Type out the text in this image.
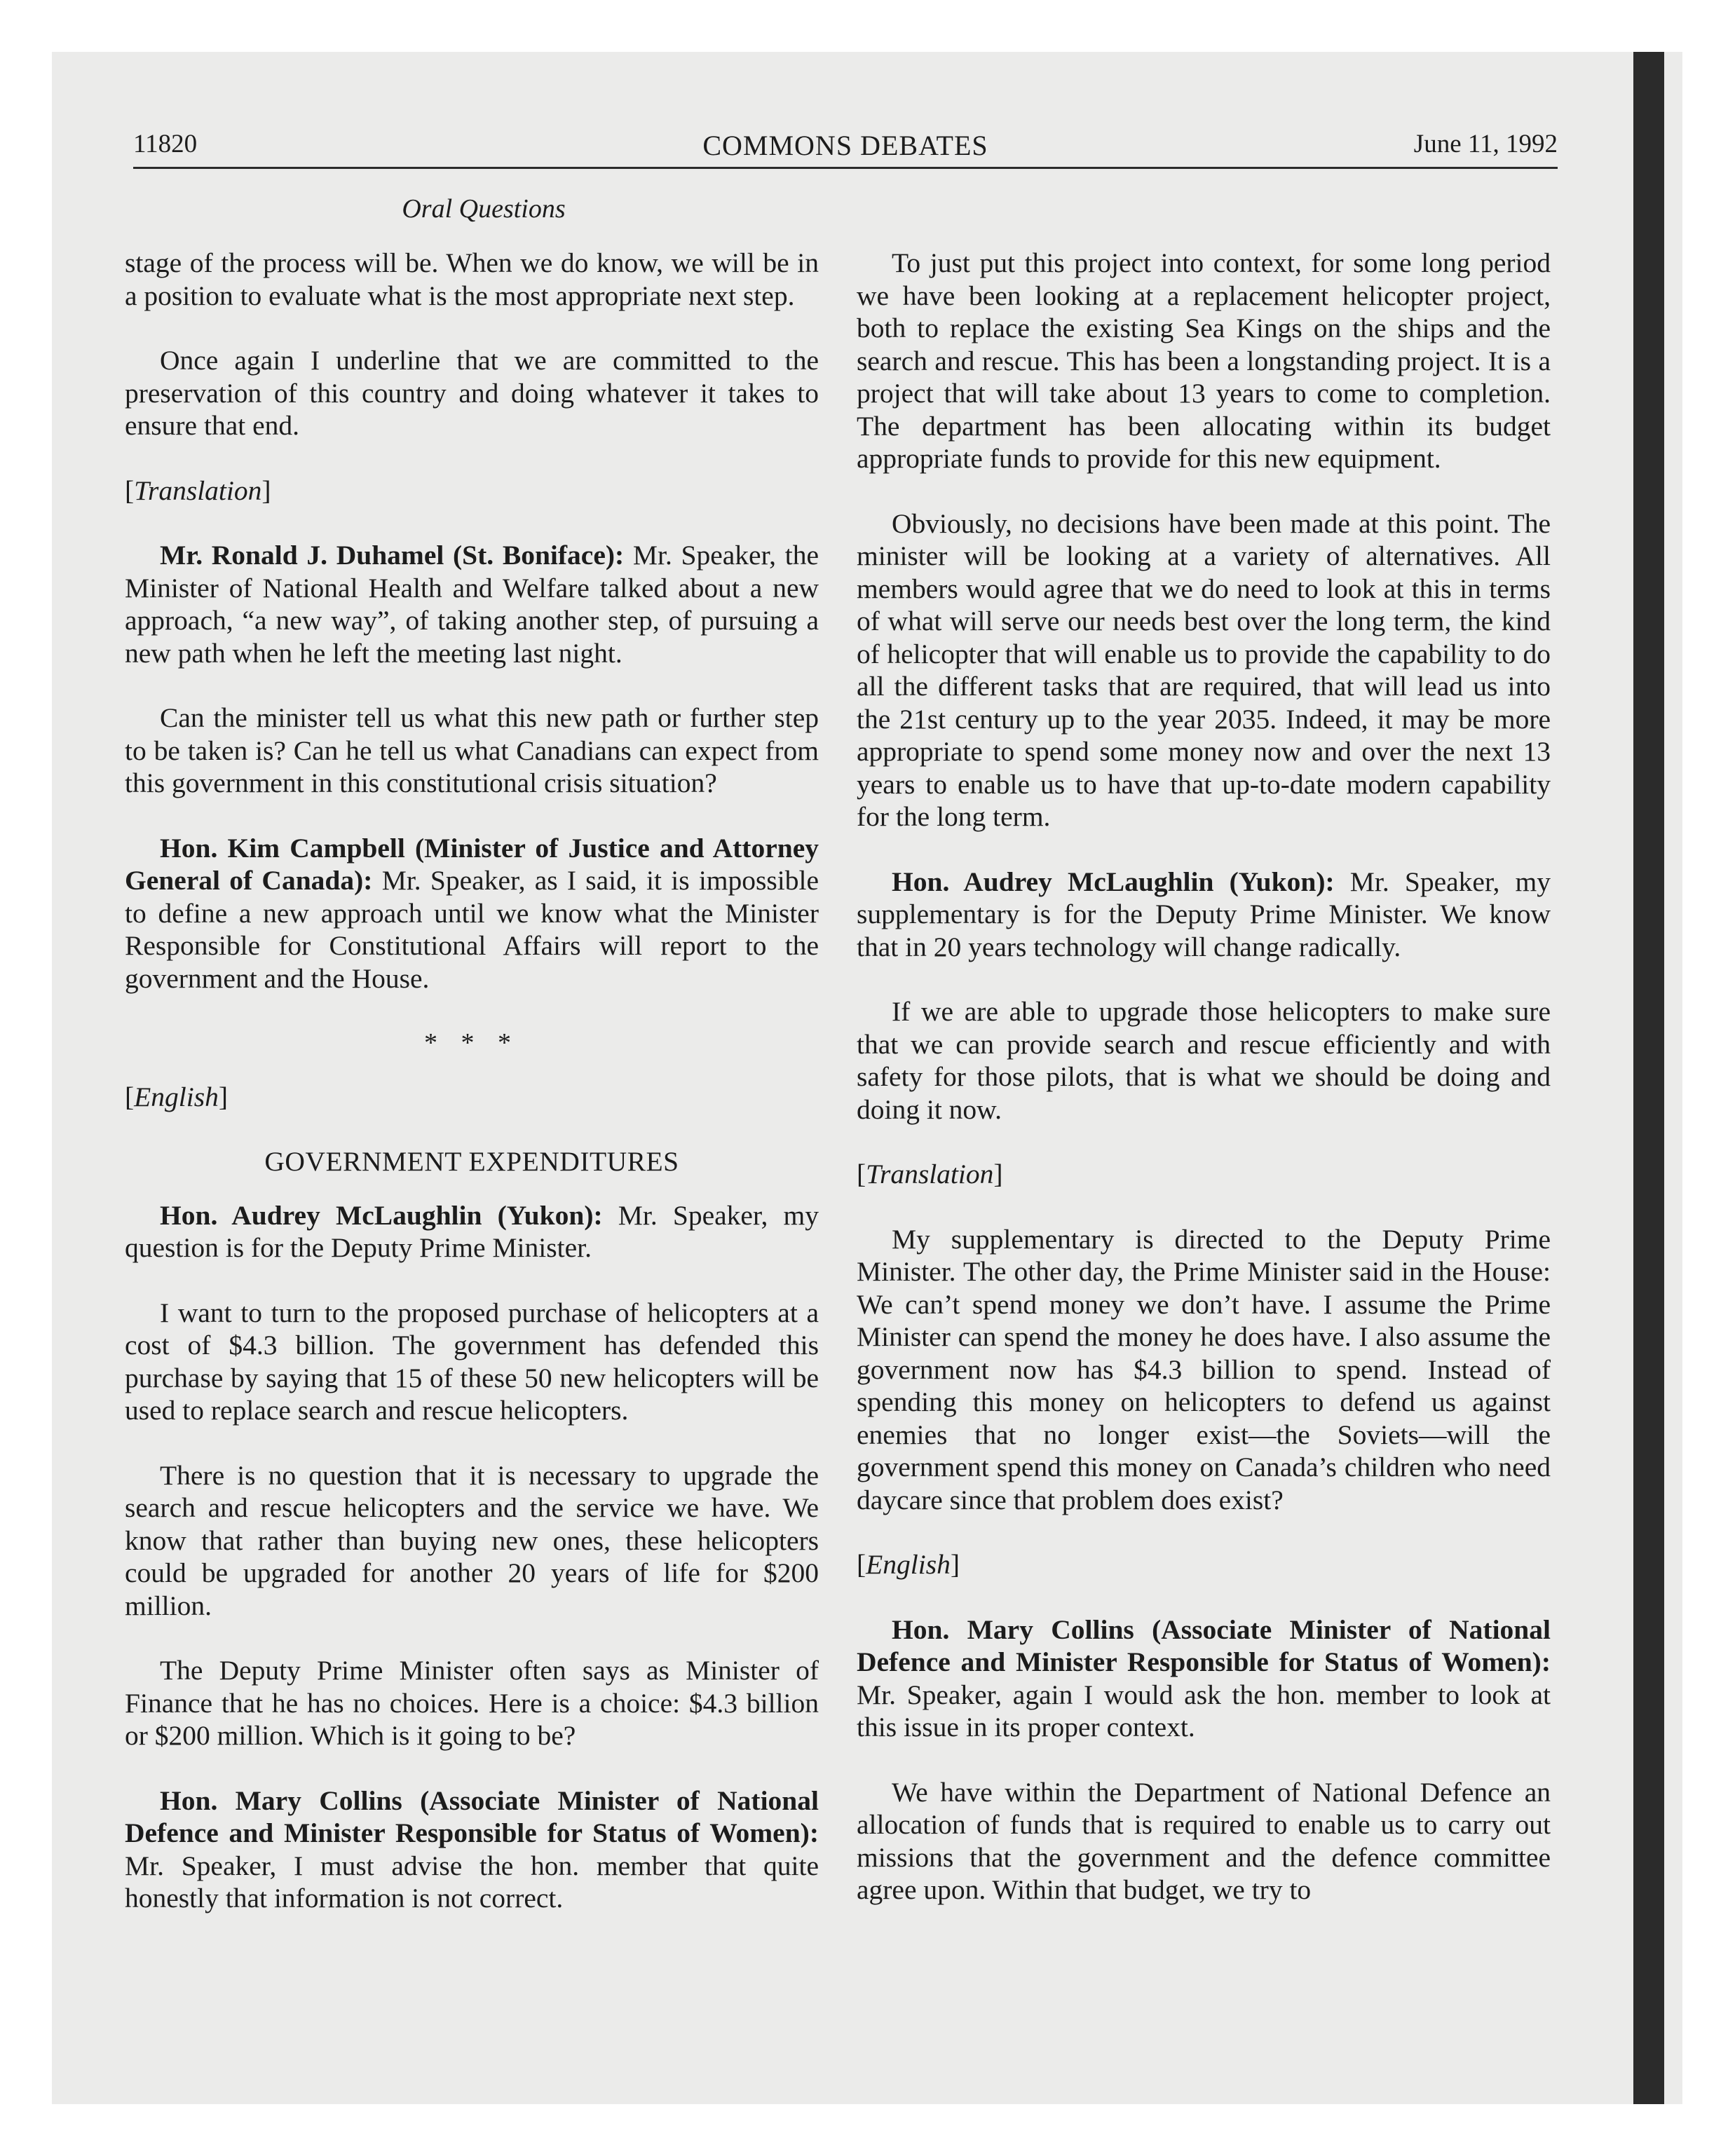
11820	COMMONS DEBATES	June 11, 1992
Oral Questions

stage of the process will be. When we do know, we will be in a position to evaluate what is the most appropriate next step.

Once again I underline that we are committed to the preservation of this country and doing whatever it takes to ensure that end.

[Translation]

Mr. Ronald J. Duhamel (St. Boniface): Mr. Speaker, the Minister of National Health and Welfare talked about a new approach, “a new way”, of taking another step, of pursuing a new path when he left the meeting last night.

Can the minister tell us what this new path or further step to be taken is? Can he tell us what Canadians can expect from this government in this constitutional crisis situation?

Hon. Kim Campbell (Minister of Justice and Attorney General of Canada): Mr. Speaker, as I said, it is impossible to define a new approach until we know what the Minister Responsible for Constitutional Affairs will report to the government and the House.

* * *
[English]
GOVERNMENT EXPENDITURES

Hon. Audrey McLaughlin (Yukon): Mr. Speaker, my question is for the Deputy Prime Minister.

I want to turn to the proposed purchase of helicopters at a cost of $4.3 billion. The government has defended this purchase by saying that 15 of these 50 new helicopters will be used to replace search and rescue helicopters.

There is no question that it is necessary to upgrade the search and rescue helicopters and the service we have. We know that rather than buying new ones, these helicopters could be upgraded for another 20 years of life for $200 million.

The Deputy Prime Minister often says as Minister of Finance that he has no choices. Here is a choice: $4.3 billion or $200 million. Which is it going to be?

Hon. Mary Collins (Associate Minister of National Defence and Minister Responsible for Status of Women): Mr. Speaker, I must advise the hon. member that quite honestly that information is not correct.

To just put this project into context, for some long period we have been looking at a replacement helicopter project, both to replace the existing Sea Kings on the ships and the search and rescue. This has been a longstanding project. It is a project that will take about 13 years to come to completion. The department has been allocating within its budget appropriate funds to provide for this new equipment.

Obviously, no decisions have been made at this point. The minister will be looking at a variety of alternatives. All members would agree that we do need to look at this in terms of what will serve our needs best over the long term, the kind of helicopter that will enable us to provide the capability to do all the different tasks that are required, that will lead us into the 21st century up to the year 2035. Indeed, it may be more appropriate to spend some money now and over the next 13 years to enable us to have that up-to-date modern capability for the long term.

Hon. Audrey McLaughlin (Yukon): Mr. Speaker, my supplementary is for the Deputy Prime Minister. We know that in 20 years technology will change radically.

If we are able to upgrade those helicopters to make sure that we can provide search and rescue efficiently and with safety for those pilots, that is what we should be doing and doing it now.

[Translation]

My supplementary is directed to the Deputy Prime Minister. The other day, the Prime Minister said in the House: We can’t spend money we don’t have. I assume the Prime Minister can spend the money he does have. I also assume the government now has $4.3 billion to spend. Instead of spending this money on helicopters to defend us against enemies that no longer exist—the Soviets—will the government spend this money on Canada’s children who need daycare since that problem does exist?

[English]

Hon. Mary Collins (Associate Minister of National Defence and Minister Responsible for Status of Women): Mr. Speaker, again I would ask the hon. member to look at this issue in its proper context.

We have within the Department of National Defence an allocation of funds that is required to enable us to carry out missions that the government and the defence committee agree upon. Within that budget, we try to
